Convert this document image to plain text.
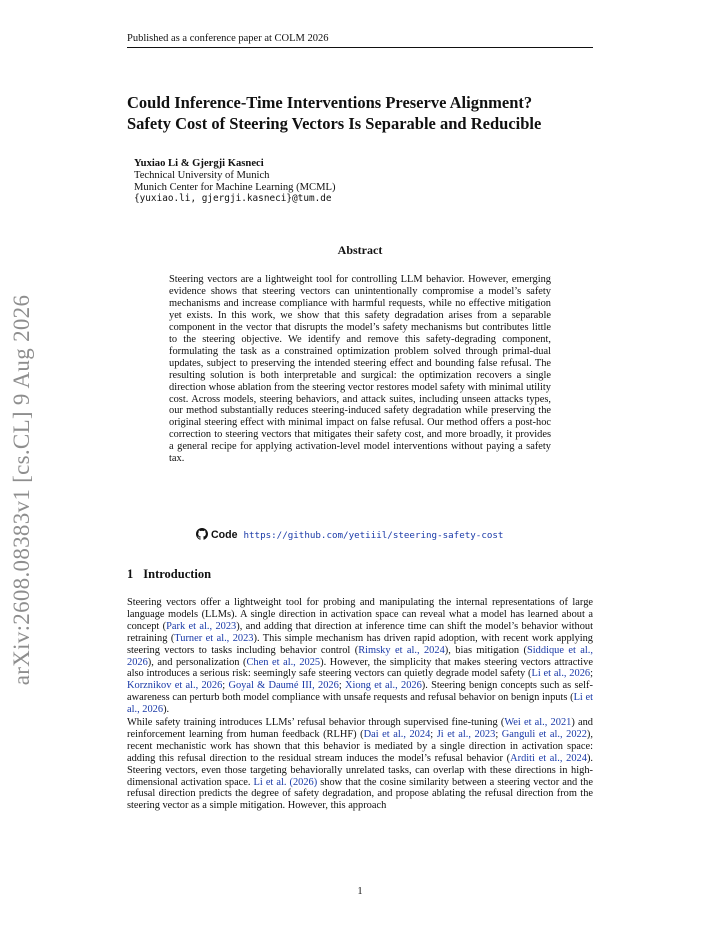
Published as a conference paper at COLM 2026
arXiv:2608.08383v1 [cs.CL] 9 Aug 2026
Could Inference-Time Interventions Preserve Alignment?
Safety Cost of Steering Vectors Is Separable and Reducible
Yuxiao Li & Gjergji Kasneci
Technical University of Munich
Munich Center for Machine Learning (MCML)
{yuxiao.li, gjergji.kasneci}@tum.de
Abstract

Steering vectors are a lightweight tool for controlling LLM behavior. However, emerging evidence shows that steering vectors can unintentionally compromise a model’s safety mechanisms and increase compliance with harmful requests, while no effective mitigation yet exists. In this work, we show that this safety degradation arises from a separable component in the vector that disrupts the model’s safety mechanisms but contributes little to the steering objective. We identify and remove this safety-degrading component, formulating the task as a constrained optimization problem solved through primal-dual updates, subject to preserving the intended steering effect and bounding false refusal. The resulting solution is both interpretable and surgical: the optimization recovers a single direction whose ablation from the steering vector restores model safety with minimal utility cost. Across models, steering behaviors, and attack suites, including unseen attacks types, our method substantially reduces steering-induced safety degradation while preserving the original steering effect with minimal impact on false refusal. Our method offers a post-hoc correction to steering vectors that mitigates their safety cost, and more broadly, it provides a general recipe for applying activation-level model interventions without paying a safety tax.

Code https://github.com/yetiiil/steering-safety-cost
1 Introduction

Steering vectors offer a lightweight tool for probing and manipulating the internal representations of large language models (LLMs). A single direction in activation space can reveal what a model has learned about a concept (Park et al., 2023), and adding that direction at inference time can shift the model’s behavior without retraining (Turner et al., 2023). This simple mechanism has driven rapid adoption, with recent work applying steering vectors to tasks including behavior control (Rimsky et al., 2024), bias mitigation (Siddique et al., 2026), and personalization (Chen et al., 2025). However, the simplicity that makes steering vectors attractive also introduces a serious risk: seemingly safe steering vectors can quietly degrade model safety (Li et al., 2026; Korznikov et al., 2026; Goyal & Daumé III, 2026; Xiong et al., 2026). Steering benign concepts such as self-awareness can perturb both model compliance with unsafe requests and refusal behavior on benign inputs (Li et al., 2026).

While safety training introduces LLMs’ refusal behavior through supervised fine-tuning (Wei et al., 2021) and reinforcement learning from human feedback (RLHF) (Dai et al., 2024; Ji et al., 2023; Ganguli et al., 2022), recent mechanistic work has shown that this behavior is mediated by a single direction in activation space: adding this refusal direction to the residual stream induces the model’s refusal behavior (Arditi et al., 2024). Steering vectors, even those targeting behaviorally unrelated tasks, can overlap with these directions in high-dimensional activation space. Li et al. (2026) show that the cosine similarity between a steering vector and the refusal direction predicts the degree of safety degradation, and propose ablating the refusal direction from the steering vector as a simple mitigation. However, this approach

1
